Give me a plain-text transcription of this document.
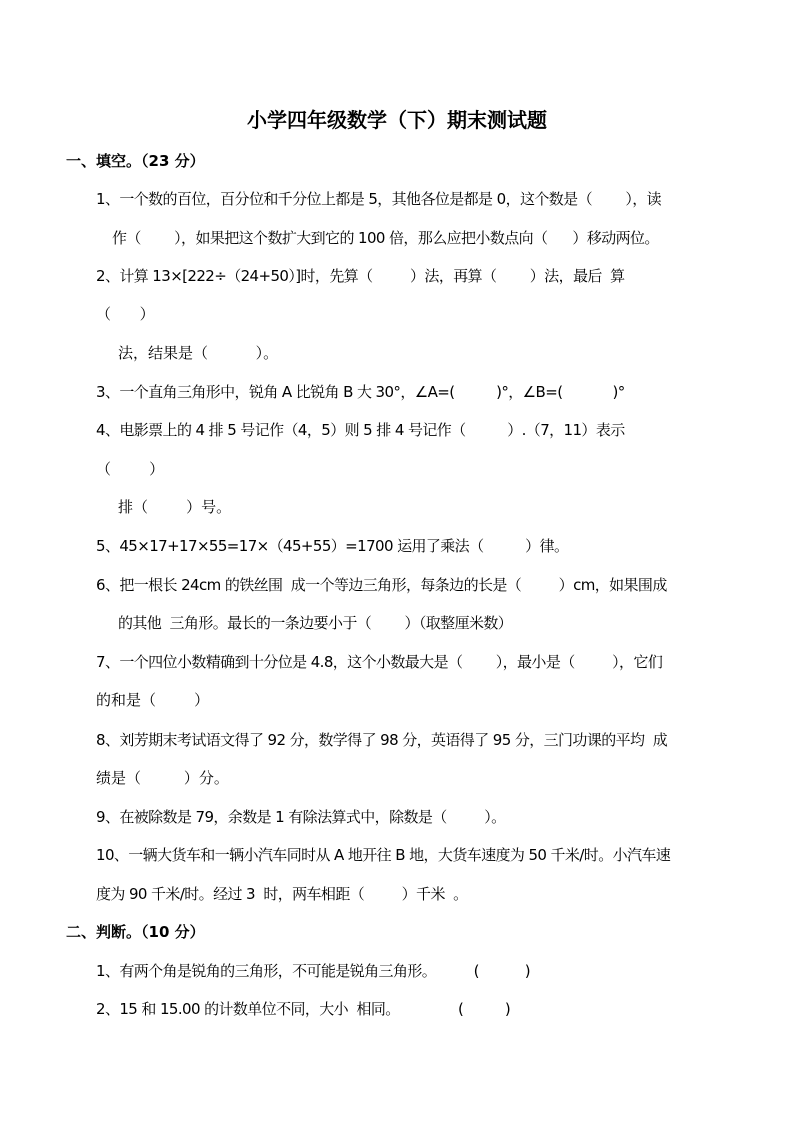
小学四年级数学（下）期末测试题
一、填空。（23 分）
1、一个数的百位，百分位和千分位上都是 5，其他各位是都是 0，这个数是（        ），读
作（        ），如果把这个数扩大到它的 100 倍，那么应把小数点向（      ）移动两位。
2、计算 13×[222÷（24+50）]时，先算（         ）法，再算（        ）法，最后  算
（      ）
法，结果是（          ）。
3、一个直角三角形中，锐角 A 比锐角 B 大 30°，∠A=(          )°，∠B=(            )°
4、电影票上的 4 排 5 号记作（4，5）则 5 排 4 号记作（          ）.（7，11）表示
（        ）
排（        ）号。
5、45×17+17×55=17×（45+55）=1700 运用了乘法（          ）律。
6、把一根长 24cm 的铁丝围  成一个等边三角形，每条边的长是（         ）cm，如果围成
的其他  三角形。最长的一条边要小于（        ）（取整厘米数）
7、一个四位小数精确到十分位是 4.8，这个小数最大是（        ），最小是（         ），它们
的和是（        ）
8、刘芳期末考试语文得了 92 分，数学得了 98 分，英语得了 95 分，三门功课的平均  成
绩是（         ）分。
9、在被除数是 79，余数是 1 有除法算式中，除数是（         ）。
10、一辆大货车和一辆小汽车同时从 A 地开往 B 地，大货车速度为 50 千米/时。小汽车速
度为 90 千米/时。经过 3  时，两车相距（         ）千米  。
二、判断。（10 分）
1、有两个角是锐角的三角形，不可能是锐角三角形。         (           )
2、15 和 15.00 的计数单位不同，大小  相同。              (          )
